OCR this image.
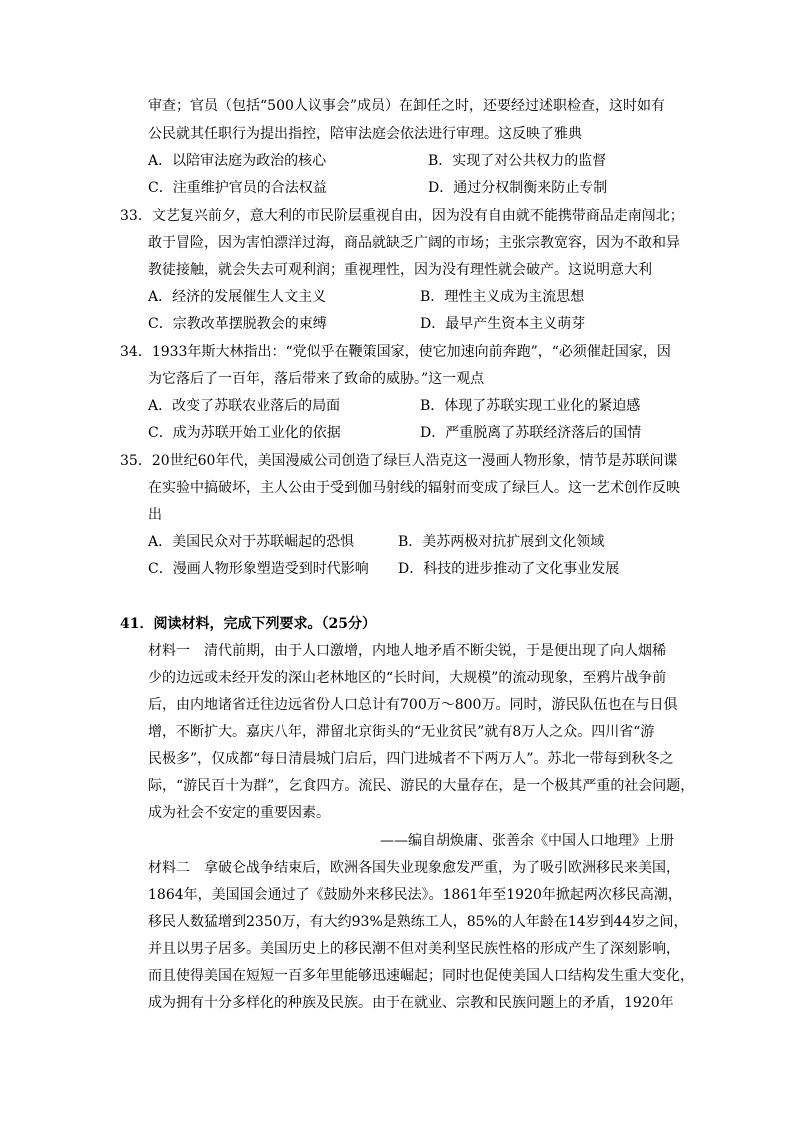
审查；官员（包括“500人议事会”成员）在卸任之时，还要经过述职检查，这时如有
公民就其任职行为提出指控，陪审法庭会依法进行审理。这反映了雅典
A．以陪审法庭为政治的核心	B．实现了对公共权力的监督
C．注重维护官员的合法权益	D．通过分权制衡来防止专制
33．文艺复兴前夕，意大利的市民阶层重视自由，因为没有自由就不能携带商品走南闯北；
敢于冒险，因为害怕漂洋过海，商品就缺乏广阔的市场；主张宗教宽容，因为不敢和异
教徒接触，就会失去可观利润；重视理性，因为没有理性就会破产。这说明意大利
A．经济的发展催生人文主义	B．理性主义成为主流思想
C．宗教改革摆脱教会的束缚	D．最早产生资本主义萌芽
34．1933年斯大林指出：“党似乎在鞭策国家，使它加速向前奔跑”，“必须催赶国家，因
为它落后了一百年，落后带来了致命的威胁。”这一观点
A．改变了苏联农业落后的局面	B．体现了苏联实现工业化的紧迫感
C．成为苏联开始工业化的依据	D．严重脱离了苏联经济落后的国情
35．20世纪60年代，美国漫威公司创造了绿巨人浩克这一漫画人物形象，情节是苏联间谍
在实验中搞破坏，主人公由于受到伽马射线的辐射而变成了绿巨人。这一艺术创作反映
出
A．美国民众对于苏联崛起的恐惧	B．美苏两极对抗扩展到文化领域
C．漫画人物形象塑造受到时代影响 D．科技的进步推动了文化事业发展
41．阅读材料，完成下列要求。（25分）
材料一　清代前期，由于人口激增，内地人地矛盾不断尖锐，于是便出现了向人烟稀
少的边远或未经开发的深山老林地区的“长时间，大规模”的流动现象，至鸦片战争前
后，由内地诸省迁往边远省份人口总计有700万～800万。同时，游民队伍也在与日俱
增，不断扩大。嘉庆八年，滞留北京街头的“无业贫民”就有8万人之众。四川省“游
民极多”，仅成都“每日清晨城门启后，四门进城者不下两万人”。苏北一带每到秋冬之
际，“游民百十为群”，乞食四方。流民、游民的大量存在，是一个极其严重的社会问题，
成为社会不安定的重要因素。
——编自胡焕庸、张善余《中国人口地理》上册
材料二　拿破仑战争结束后，欧洲各国失业现象愈发严重，为了吸引欧洲移民来美国，
1864年，美国国会通过了《鼓励外来移民法》。1861年至1920年掀起两次移民高潮，
移民人数猛增到2350万，有大约93%是熟练工人，85%的人年龄在14岁到44岁之间，
并且以男子居多。美国历史上的移民潮不但对美利坚民族性格的形成产生了深刻影响，
而且使得美国在短短一百多年里能够迅速崛起；同时也促使美国人口结构发生重大变化，
成为拥有十分多样化的种族及民族。由于在就业、宗教和民族问题上的矛盾，1920年
